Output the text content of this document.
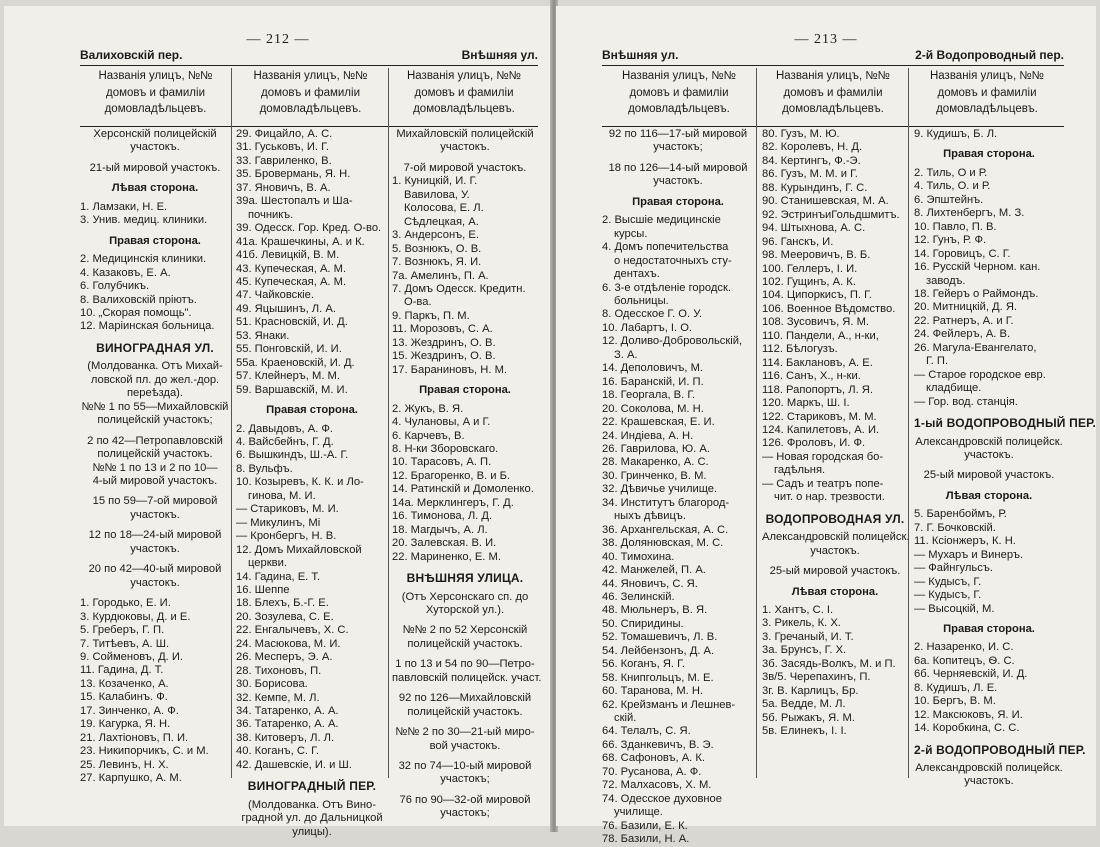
— 212 —
Валиховскій пер.	Внѣшняя ул.
Названія улицъ, №№
домовъ и фамиліи
домовладѣльцевъ.
Названія улицъ, №№
домовъ и фамиліи
домовладѣльцевъ.
Названія улицъ, №№
домовъ и фамиліи
домовладѣльцевъ.
Херсонскій полицейскій
участокъ.
21-ый мировой участокъ.
Лѣвая сторона.
1. Ламзаки, Н. Е.
3. Унив. медиц. клиники.
Правая сторона.
2. Медицинскія клиники.
4. Казаковъ, Е. А.
6. Голубчикъ.
8. Валиховскій пріютъ.
10. „Скорая помощь".
12. Маріинская больница.
ВИНОГРАДНАЯ УЛ.
(Молдованка. Отъ Михай-
ловской пл. до жел.-дор.
переѣзда).
№№ 1 по 55—Михайловскій
полицейскій участокъ;
2 по 42—Петропавловскій
полицейскій участокъ.
№№ 1 по 13 и 2 по 10—
4-ый мировой участокъ.
15 по 59—7-ой мировой
участокъ.
12 по 18—24-ый мировой
участокъ.
20 по 42—40-ый мировой
участокъ.
1. Городько, Е. И.
3. Курдюковы, Д. и Е.
5. Греберъ, Г. П.
7. Титѣевъ, А. Ш.
9. Сойменовъ, Д. И.
11. Гадина, Д. Т.
13. Козаченко, А.
15. Калабинъ. Ф.
17. Зинченко, А. Ф.
19. Кагурка, Я. Н.
21. Лахтіоновъ, П. И.
23. Никипорчикъ, С. и М.
25. Левинъ, Н. Х.
27. Карпушко, А. М.
29. Фицайло, А. С.
31. Гуськовъ, И. Г.
33. Гавриленко, В.
35. Бровермань, Я. Н.
37. Яновичъ, В. А.
39а. Шестопалъ и Ша-
почникъ.
39. Одесск. Гор. Кред. О-во.
41а. Крашечкины, А. и К.
41б. Левицкій, В. М.
43. Купеческая, А. М.
45. Купеческая, А. М.
47. Чайковскіе.
49. Яцышинъ, Л. А.
51. Красновскій, И. Д.
53. Янаки.
55. Понговскій, И. И.
55а. Краеновскій, И. Д.
57. Клейнеръ, М. М.
59. Варшавскій, М. И.
Правая сторона.
2. Давыдовъ, А. Ф.
4. Вайсбейнъ, Г. Д.
6. Вышкиндъ, Ш.-А. Г.
8. Вульфъ.
10. Козыревъ, К. К. и Ло-
гинова, М. И.
— Стариковъ, М. И.
— Микулинъ, Мі
— Кронбергъ, Н. В.
12. Домъ Михайловской
церкви.
14. Гадина, Е. Т.
16. Шеппе
18. Блехъ, Б.-Г. Е.
20. Зозулева, С. Е.
22. Енгалычевъ, Х. С.
24. Масюкова, М. И.
26. Месперъ, Э. А.
28. Тихоновъ, П.
30. Борисова.
32. Кемпе, М. Л.
34. Татаренко, А. А.
36. Татаренко, А. А.
38. Китоверъ, Л. Л.
40. Коганъ, С. Г.
42. Дашевскіе, И. и Ш.
ВИНОГРАДНЫЙ ПЕР.
(Молдованка. Отъ Вино-
градной ул. до Дальницкой
улицы).
Михайловскій полицейскій
участокъ.
7-ой мировой участокъ.
1. Куницкій, И. Г.
Вавилова, У.
Колосова, Е. Л.
Сѣдлецкая, А.
3. Андерсонъ, Е.
5. Вознюкъ, О. В.
7. Вознюкъ, Я. И.
7а. Амелинъ, П. А.
7. Домъ Одесск. Кредитн.
О-ва.
9. Паркъ, П. М.
11. Морозовъ, С. А.
13. Жездринъ, О. В.
15. Жездринъ, О. В.
17. Бараниновъ, Н. М.
Правая сторона.
2. Жукъ, В. Я.
4. Чулановы, А и Г.
6. Карчевъ, В.
8. Н-ки Зборовскаго.
10. Тарасовъ, А. П.
12. Брагоренко, В. и Б.
14. Ратинскій и Домоленко.
14а. Мерклингеръ, Г. Д.
16. Тимонова, Л. Д.
18. Магдычъ, А. Л.
20. Залевская. В. И.
22. Мариненко, Е. М.
ВНѢШНЯЯ УЛИЦА.
(Отъ Херсонскаго сп. до
Хуторской ул.).
№№ 2 по 52 Херсонскій
полицейскій участокъ.
1 по 13 и 54 по 90—Петро-
павловскій полицейск. участ.
92 по 126—Михайловскій
полицейскій участокъ.
№№ 2 по 30—21-ый миро-
вой участокъ.
32 по 74—10-ый мировой
участокъ;
76 по 90—32-ой мировой
участокъ;
— 213 —
Внѣшняя ул.	2-й Водопроводный пер.
Названія улицъ, №№
домовъ и фамиліи
домовладѣльцевъ.
Названія улицъ, №№
домовъ и фамиліи
домовладѣльцевъ.
Названія улицъ, №№
домовъ и фамиліи
домовладѣльцевъ.
92 по 116—17-ый мировой
участокъ;
18 по 126—14-ый мировой
участокъ.
Правая сторона.
2. Высшіе медицинскіе
курсы.
4. Домъ попечительства
о недостаточныхъ сту-
дентахъ.
6. 3-е отдѣленіе городск.
больницы.
8. Одесское Г. О. У.
10. Лабартъ, І. О.
12. Доливо-Добровольскій,
З. А.
14. Деполовичъ, М.
16. Баранскій, И. П.
18. Георгала, В. Г.
20. Соколова, М. Н.
22. Крашевская, Е. И.
24. Индіева, А. Н.
26. Гаврилова, Ю. А.
28. Макаренко, А. С.
30. Гринченко, В. М.
32. Дѣвичье училище.
34. Институтъ благород-
ныхъ дѣвицъ.
36. Архангельская, А. С.
38. Долянювская, М. С.
40. Тимохина.
42. Манжелей, П. А.
44. Яновичъ, С. Я.
46. Зелинскій.
48. Мюльнеръ, В. Я.
50. Спиридины.
52. Томашевичъ, Л. В.
54. Лейбензонъ, Д. А.
56. Коганъ, Я. Г.
58. Книпгольцъ, М. Е.
60. Таранова, М. Н.
62. Крейзманъ и Лешнев-
скій.
64. Телалъ, С. Я.
66. Зданкевичъ, В. Э.
68. Сафоновъ, А. К.
70. Русанова, А. Ф.
72. Малхасовъ, Х. М.
74. Одесское духовное
училище.
76. Базили, Е. К.
78. Базили, Н. А.
80. Гузъ, М. Ю.
82. Королевъ, Н. Д.
84. Кертингъ, Ф.-Э.
86. Гузъ, М. М. и Г.
88. Курындинъ, Г. С.
90. Станишевская, М. А.
92. ЭстринъиГольдшмитъ.
94. Штыхнова, А. С.
96. Ганскъ, И.
98. Мееровичъ, В. Б.
100. Геллеръ, І. И.
102. Гущинъ, А. К.
104. Ципоркисъ, П. Г.
106. Военное Вѣдомство.
108. Зусовичъ, Я. М.
110. Пандели, А., н-ки,
112. Бѣлогузъ.
114. Баклановъ, А. Е.
116. Санъ, Х., н-ки.
118. Рапопортъ, Л. Я.
120. Маркъ, Ш. І.
122. Стариковъ, М. М.
124. Капилетовъ, А. И.
126. Фроловъ, И. Ф.
— Новая городская бо-
гадѣльня.
— Садъ и театръ попе-
чит. о нар. трезвости.
ВОДОПРОВОДНАЯ УЛ.
Александровскій полицейск.
участокъ.
25-ый мировой участокъ.
Лѣвая сторона.
1. Хантъ, С. І.
3. Рикель, К. Х.
3. Гречаный, И. Т.
3а. Брунсъ, Г. Х.
3б. Засядь-Волкъ, М. и П.
3в/5. Черепахинъ, П.
3г. В. Карлицъ, Бр.
5а. Ведде, М. Л.
5б. Рыжакъ, Я. М.
5в. Елинекъ, І. І.
9. Кудишъ, Б. Л.
Правая сторона.
2. Тиль, О и Р.
4. Тиль, О. и Р.
6. Эпштейнъ.
8. Лихтенбергъ, М. З.
10. Павло, П. В.
12. Гунъ, Р. Ф.
14. Горовицъ, С. Г.
16. Русскій Черном. кан.
заводъ.
18. Гейеръ о Раймондъ.
20. Митницкій, Д. Я.
22. Ратнеръ, А. и Г.
24. Фейлеръ, А. В.
26. Магула-Евангелато,
Г. П.
— Старое городское евр.
кладбище.
— Гор. вод. станція.
1-ый ВОДОПРОВОДНЫЙ ПЕР.
Александровскій полицейск.
участокъ.
25-ый мировой участокъ.
Лѣвая сторона.
5. Баренбоймъ, Р.
7. Г. Бочковскій.
11. Ксіонжеръ, К. Н.
— Мухаръ и Винеръ.
— Файнгульсъ.
— Кудысъ, Г.
— Кудысъ, Г.
— Высоцкій, М.
Правая сторона.
2. Назаренко, И. С.
6а. Копитецъ, Ѳ. С.
6б. Черняевскій, И. Д.
8. Кудишъ, Л. Е.
10. Бергъ, В. М.
12. Максюковъ, Я. И.
14. Коробкина, С. С.
2-й ВОДОПРОВОДНЫЙ ПЕР.
Александровскій полицейск.
участокъ.
